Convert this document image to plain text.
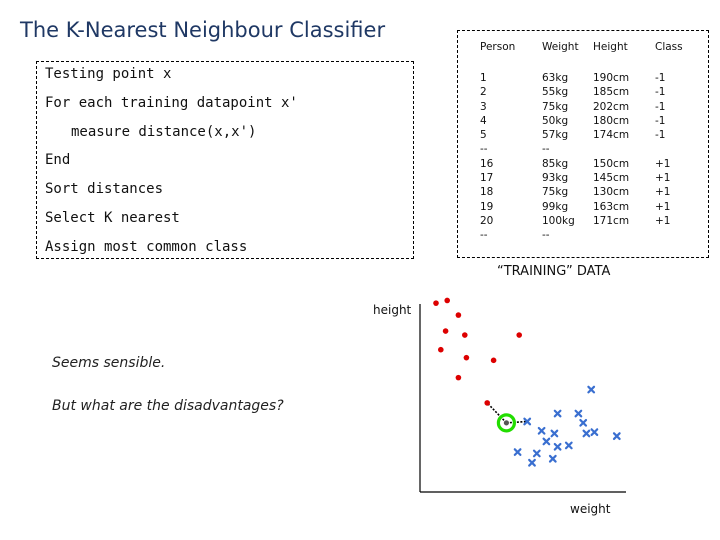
The K-Nearest Neighbour Classifier
Testing point x
For each training datapoint x'
measure distance(x,x')
End
Sort distances
Select K nearest
Assign most common class
Person
1
2
3
4
5
--
16
17
18
19
20
--
Weight
63kg
55kg
75kg
50kg
57kg
--
85kg
93kg
75kg
99kg
100kg
--
Height
190cm
185cm
202cm
180cm
174cm
150cm
145cm
130cm
163cm
171cm
Class
-1
-1
-1
-1
-1
+1
+1
+1
+1
+1
“TRAINING” DATA
Seems sensible.
But what are the disadvantages?
height
weight
